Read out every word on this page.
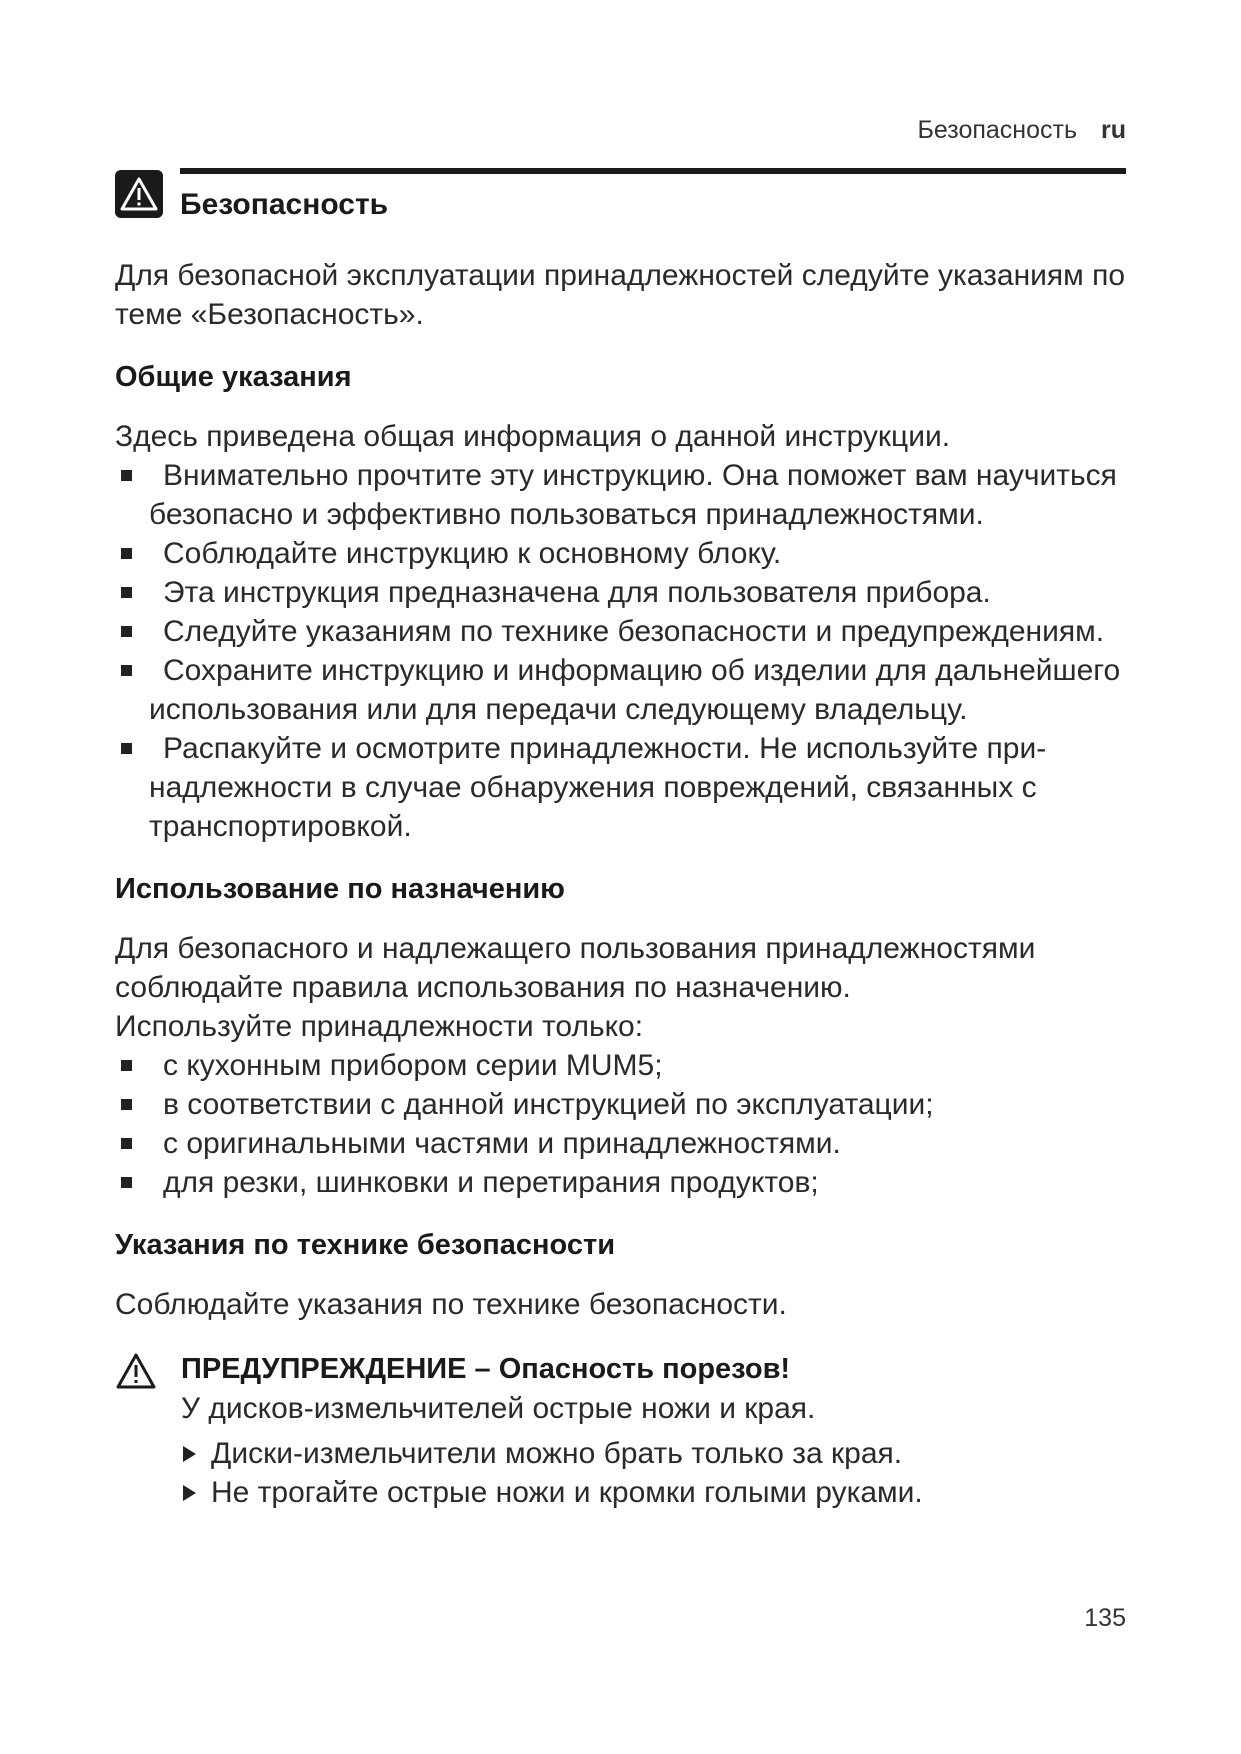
Безопасность ru
Безопасность

Для безопасной эксплуатации принадлежностей следуйте указаниям по теме «Безопасность».

Общие указания

Здесь приведена общая информация о данной инструкции.

Внимательно прочтите эту инструкцию. Она поможет вам научиться безопасно и эффективно пользоваться принадлежностями.
Соблюдайте инструкцию к основному блоку.
Эта инструкция предназначена для пользователя прибора.
Следуйте указаниям по технике безопасности и предупреждениям.
Сохраните инструкцию и информацию об изделии для дальнейшего использования или для передачи следующему владельцу.
Распакуйте и осмотрите принадлежности. Не используйте принадлежности в случае обнаружения повреждений, связанных с транспортировкой.
Использование по назначению

Для безопасного и надлежащего пользования принадлежностями соблюдайте правила использования по назначению.

Используйте принадлежности только:

с кухонным прибором серии MUM5;
в соответствии с данной инструкцией по эксплуатации;
с оригинальными частями и принадлежностями.
для резки, шинковки и перетирания продуктов;
Указания по технике безопасности

Соблюдайте указания по технике безопасности.

ПРЕДУПРЕЖДЕНИЕ – Опасность порезов!

У дисков-измельчителей острые ножи и края.

Диски-измельчители можно брать только за края.
Не трогайте острые ножи и кромки голыми руками.
135
